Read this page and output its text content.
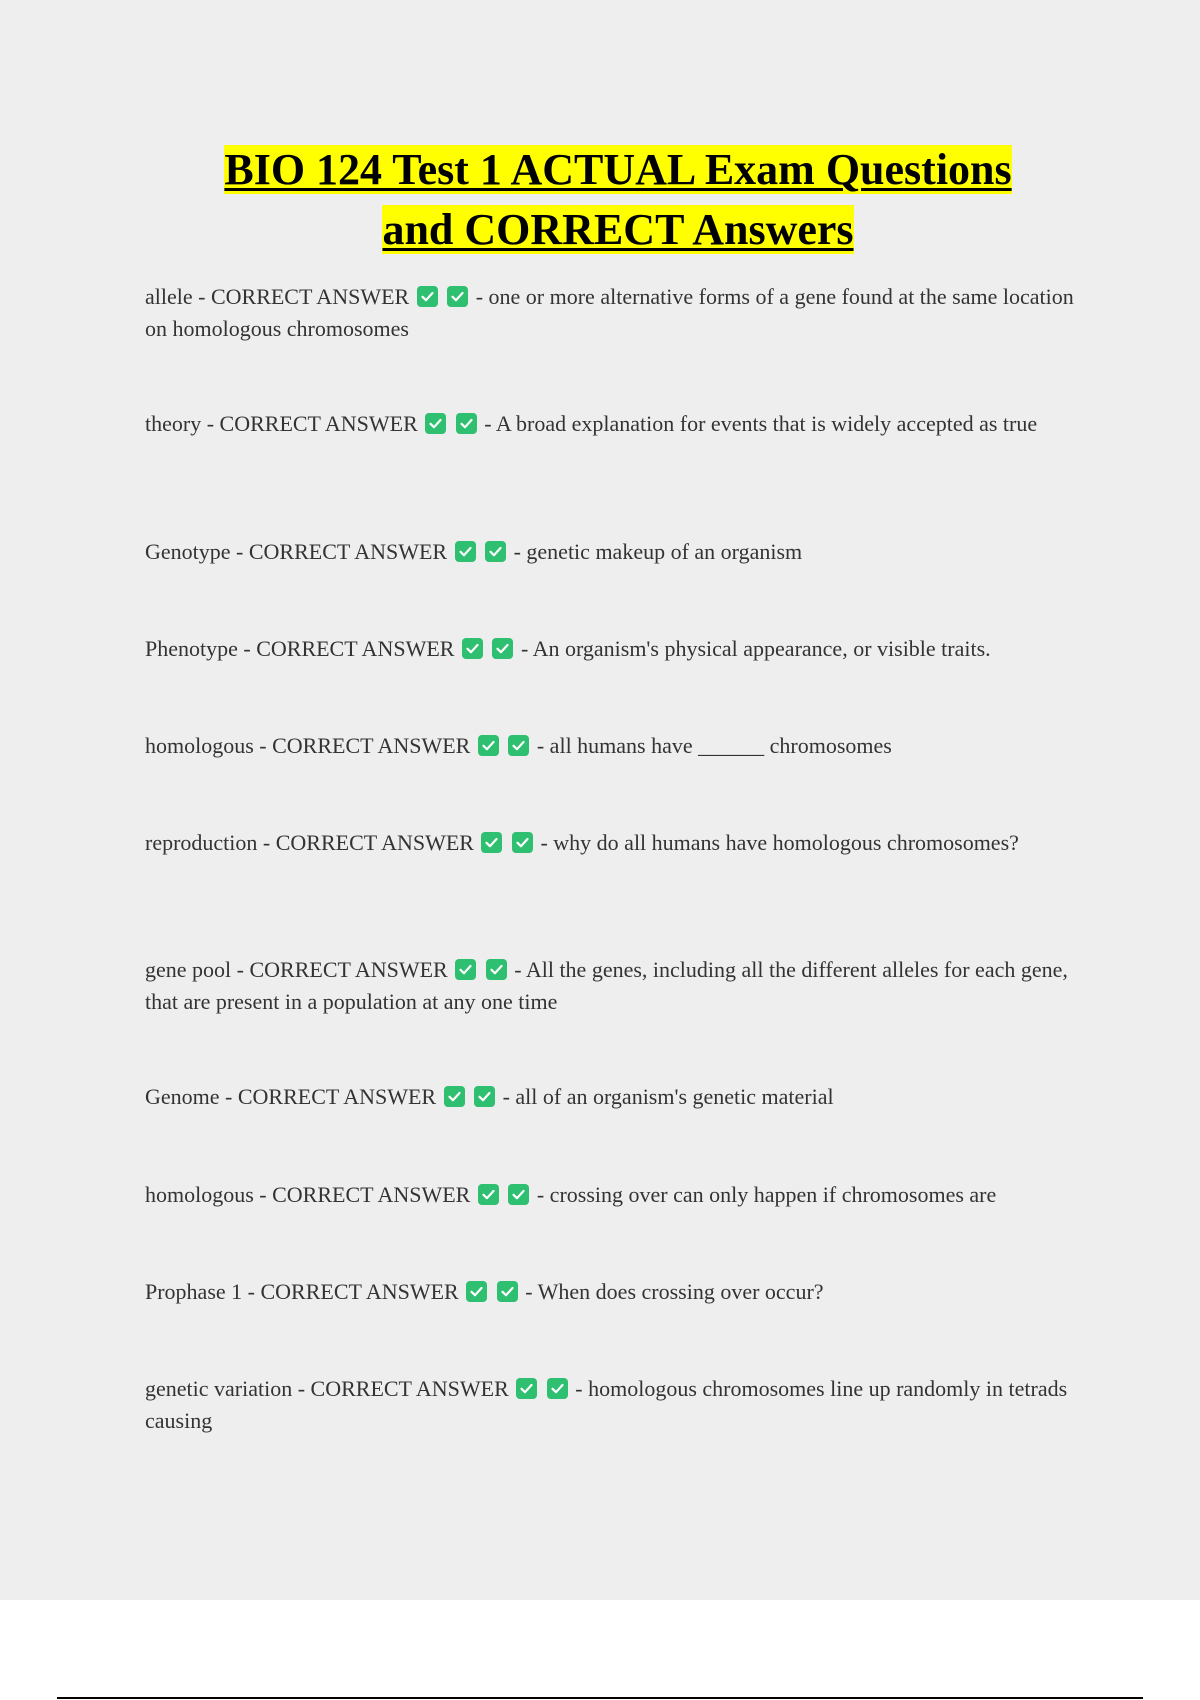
BIO 124 Test 1 ACTUAL Exam Questions
and CORRECT Answers
allele - CORRECT ANSWER
	- one or more alternative forms of a gene found at the same location on homologous chromosomes
theory - CORRECT ANSWER
	- A broad explanation for events that is widely accepted as true
Genotype - CORRECT ANSWER
	- genetic makeup of an organism
Phenotype - CORRECT ANSWER
	- An organism's physical appearance, or visible traits.
homologous - CORRECT ANSWER
	- all humans have ______ chromosomes
reproduction - CORRECT ANSWER
	- why do all humans have homologous chromosomes?
gene pool - CORRECT ANSWER
	- All the genes, including all the different alleles for each gene, that are present in a population at any one time
Genome - CORRECT ANSWER
	- all of an organism's genetic material
homologous - CORRECT ANSWER
	- crossing over can only happen if chromosomes are
Prophase 1 - CORRECT ANSWER
	- When does crossing over occur?
genetic variation - CORRECT ANSWER
	- homologous chromosomes line up randomly in tetrads causing
